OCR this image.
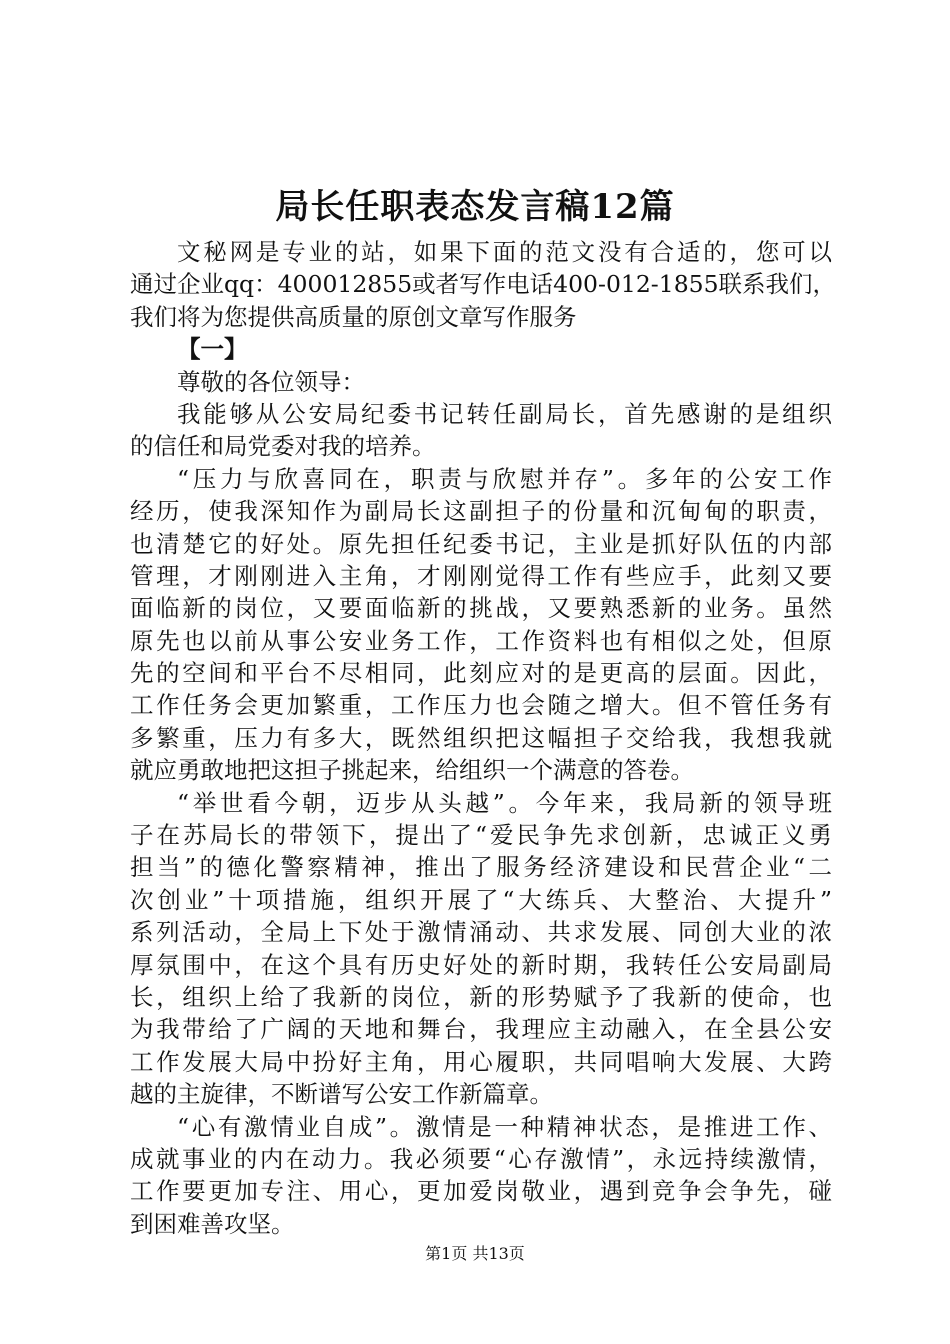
局长任职表态发言稿12篇
文秘网是专业的站，如果下面的范文没有合适的，您可以
通过企业qq：400012855或者写作电话400-012-1855联系我们，
我们将为您提供高质量的原创文章写作服务
【一】
尊敬的各位领导：
我能够从公安局纪委书记转任副局长，首先感谢的是组织
的信任和局党委对我的培养。
“压力与欣喜同在，职责与欣慰并存”。多年的公安工作
经历，使我深知作为副局长这副担子的份量和沉甸甸的职责，
也清楚它的好处。原先担任纪委书记，主业是抓好队伍的内部
管理，才刚刚进入主角，才刚刚觉得工作有些应手，此刻又要
面临新的岗位，又要面临新的挑战，又要熟悉新的业务。虽然
原先也以前从事公安业务工作，工作资料也有相似之处，但原
先的空间和平台不尽相同，此刻应对的是更高的层面。因此，
工作任务会更加繁重，工作压力也会随之增大。但不管任务有
多繁重，压力有多大，既然组织把这幅担子交给我，我想我就
就应勇敢地把这担子挑起来，给组织一个满意的答卷。
“举世看今朝，迈步从头越”。今年来，我局新的领导班
子在苏局长的带领下，提出了“爱民争先求创新，忠诚正义勇
担当”的德化警察精神，推出了服务经济建设和民营企业“二
次创业”十项措施，组织开展了“大练兵、大整治、大提升”
系列活动，全局上下处于激情涌动、共求发展、同创大业的浓
厚氛围中，在这个具有历史好处的新时期，我转任公安局副局
长，组织上给了我新的岗位，新的形势赋予了我新的使命，也
为我带给了广阔的天地和舞台，我理应主动融入，在全县公安
工作发展大局中扮好主角，用心履职，共同唱响大发展、大跨
越的主旋律，不断谱写公安工作新篇章。
“心有激情业自成”。激情是一种精神状态，是推进工作、
成就事业的内在动力。我必须要“心存激情”，永远持续激情，
工作要更加专注、用心，更加爱岗敬业，遇到竞争会争先，碰
到困难善攻坚。
第1页 共13页
